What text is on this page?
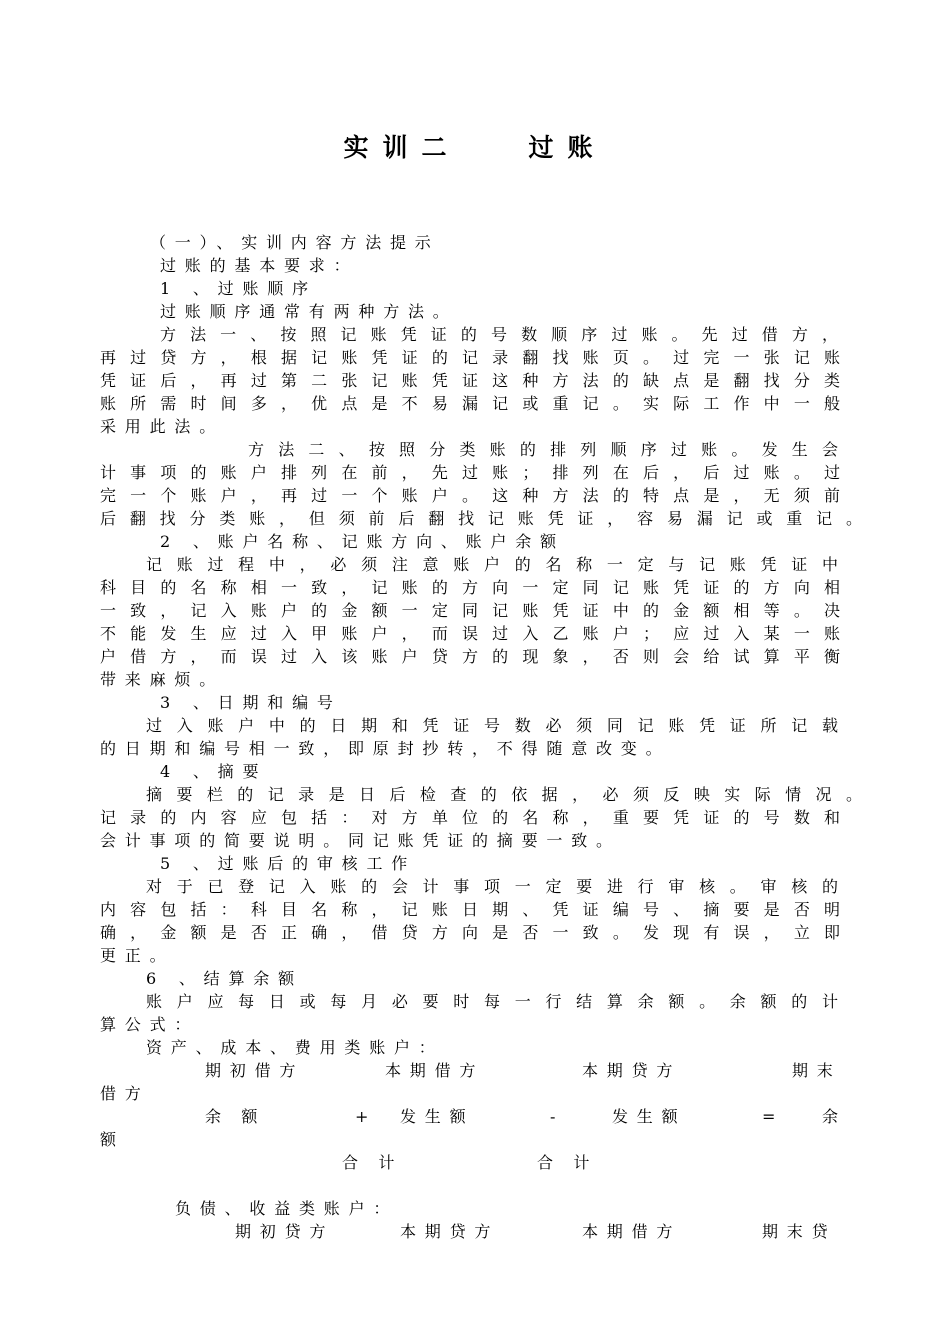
实训二   过账

（一）、实训内容方法提示

过账的基本要求：

1 、过账顺序

过账顺序通常有两种方法。

方法一、按照记账凭证的号数顺序过账。先过借方，

再过贷方，根据记账凭证的记录翻找账页。过完一张记账

凭证后，再过第二张记账凭证这种方法的缺点是翻找分类

账所需时间多，优点是不易漏记或重记。实际工作中一般

采用此法。

方法二、按照分类账的排列顺序过账。发生会

计事项的账户排列在前，先过账；排列在后，后过账。过

完一个账户，再过一个账户。这种方法的特点是，无须前

后翻找分类账，但须前后翻找记账凭证，容易漏记或重记。

2 、账户名称、记账方向、账户余额

记账过程中，必须注意账户的名称一定与记账凭证中

科目的名称相一致，记账的方向一定同记账凭证的方向相

一致，记入账户的金额一定同记账凭证中的金额相等。决

不能发生应过入甲账户，而误过入乙账户；应过入某一账

户借方，而误过入该账户贷方的现象，否则会给试算平衡

带来麻烦。

3 、日期和编号

过入账户中的日期和凭证号数必须同记账凭证所记载

的日期和编号相一致，即原封抄转，不得随意改变。

4 、摘要

摘要栏的记录是日后检查的依据，必须反映实际情况。

记录的内容应包括：对方单位的名称，重要凭证的号数和

会计事项的简要说明。同记账凭证的摘要一致。

5 、过账后的审核工作

对于已登记入账的会计事项一定要进行审核。审核的

内容包括：科目名称，记账日期、凭证编号、摘要是否明

确，金额是否正确，借贷方向是否一致。发现有误，立即

更正。

6 、结算余额

账户应每日或每月必要时每一行结算余额。余额的计

算公式：

资产、成本、费用类账户：

期初借方	本期借方	本期贷方	期末

借方

余    额	+ 发生额	-	发生额	= 余

额

合    计	合    计

负债、收益类账户：

期初贷方	本期贷方	本期借方	期末贷
